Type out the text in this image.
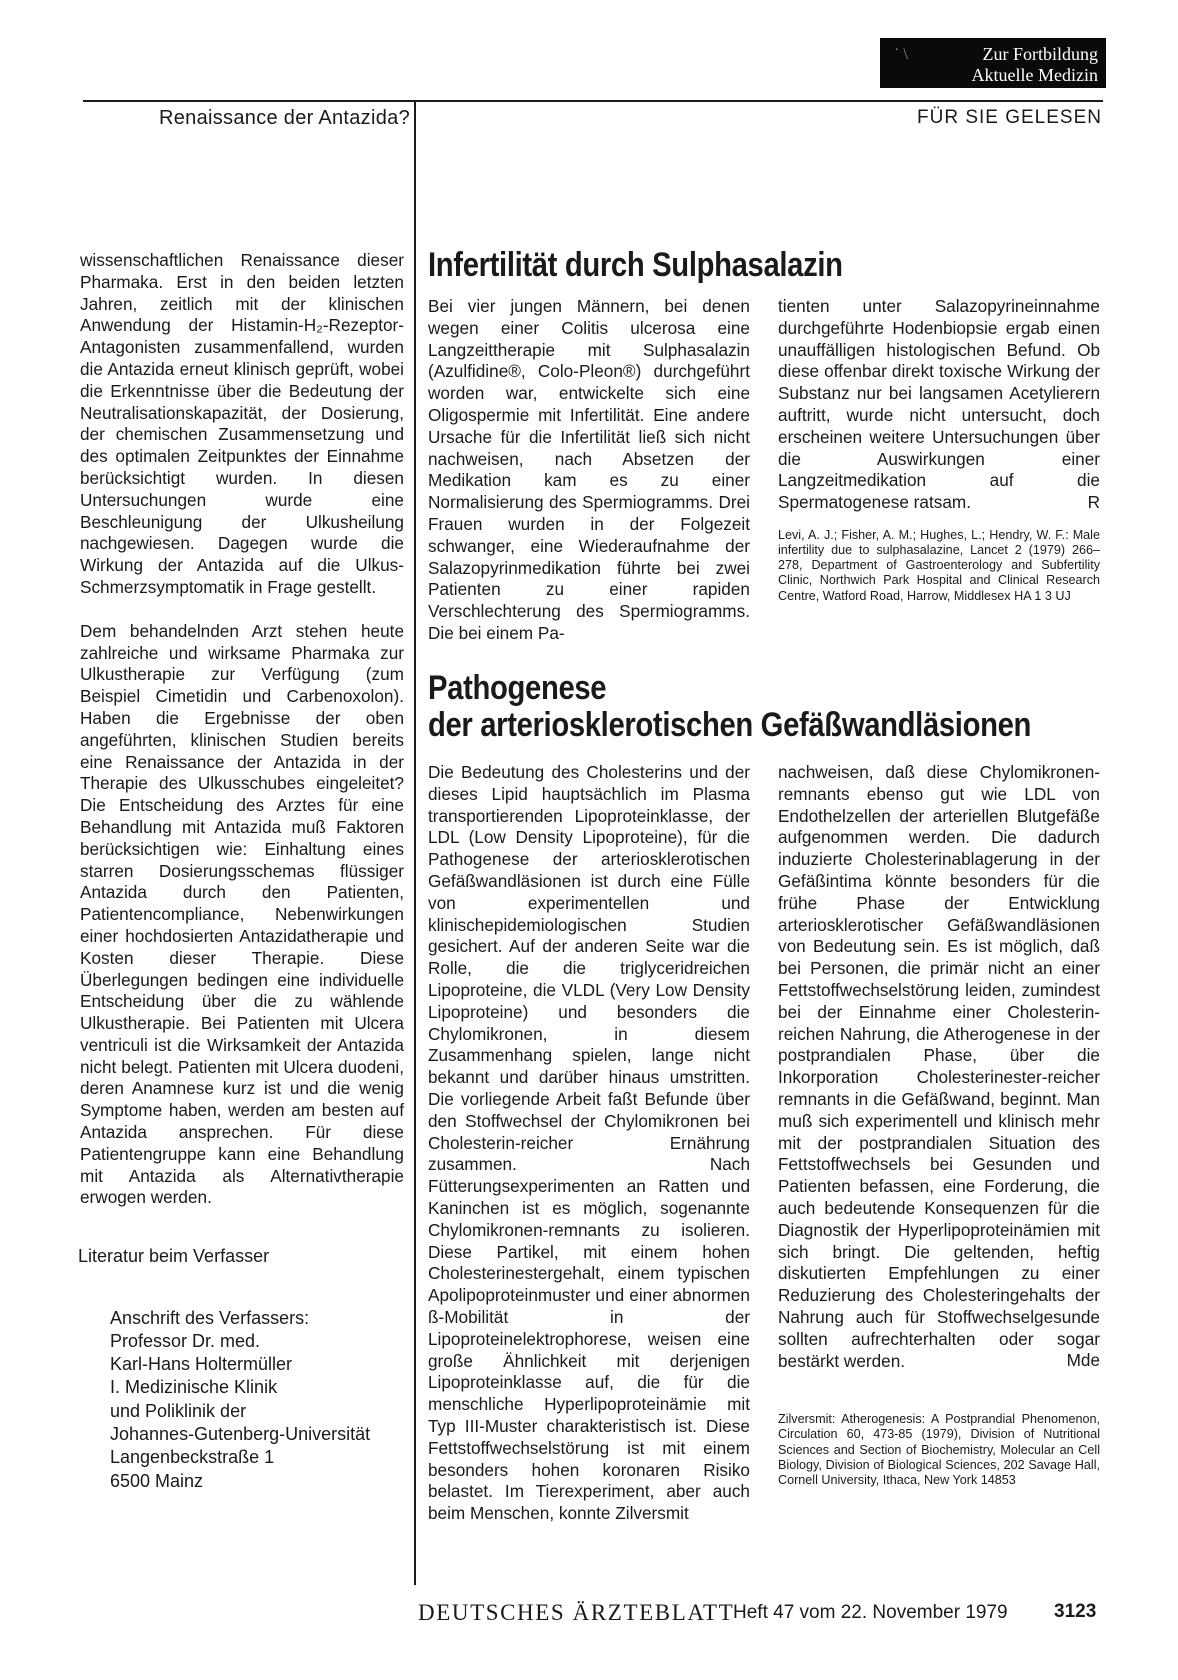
˙ \	Zur Fortbildung
Aktuelle Medizin
Renaissance der Antazida?	FÜR SIE GELESEN

wissenschaftlichen Renaissance dieser Pharmaka. Erst in den beiden letzten Jahren, zeitlich mit der klinischen Anwendung der Histamin-H₂-Rezeptor-Antagonisten zusammenfallend, wurden die Antazida erneut klinisch geprüft, wobei die Erkenntnisse über die Bedeutung der Neutralisationskapazität, der Dosierung, der chemischen Zusammensetzung und des optimalen Zeitpunktes der Einnahme berücksichtigt wurden. In diesen Untersuchungen wurde eine Beschleunigung der Ulkusheilung nachgewiesen. Dagegen wurde die Wirkung der Antazida auf die Ulkus-Schmerzsymptomatik in Frage gestellt.

Dem behandelnden Arzt stehen heute zahlreiche und wirksame Pharmaka zur Ulkustherapie zur Verfügung (zum Beispiel Cimetidin und Carbenoxolon). Haben die Ergebnisse der oben angeführten, klinischen Studien bereits eine Renaissance der Antazida in der Therapie des Ulkusschubes eingeleitet? Die Entscheidung des Arztes für eine Behandlung mit Antazida muß Faktoren berücksichtigen wie: Einhaltung eines starren Dosierungsschemas flüssiger Antazida durch den Patienten, Patientencompliance, Nebenwirkungen einer hochdosierten Antazidatherapie und Kosten dieser Therapie. Diese Überlegungen bedingen eine individuelle Entscheidung über die zu wählende Ulkustherapie. Bei Patienten mit Ulcera ventriculi ist die Wirksamkeit der Antazida nicht belegt. Patienten mit Ulcera duodeni, deren Anamnese kurz ist und die wenig Symptome haben, werden am besten auf Antazida ansprechen. Für diese Patientengruppe kann eine Behandlung mit Antazida als Alternativtherapie erwogen werden.

Literatur beim Verfasser
Anschrift des Verfassers:
Professor Dr. med.
Karl-Hans Holtermüller
I. Medizinische Klinik
und Poliklinik der
Johannes-Gutenberg-Universität
Langenbeckstraße 1
6500 Mainz
Infertilität durch Sulphasalazin
Bei vier jungen Männern, bei denen wegen einer Colitis ulcerosa eine Langzeittherapie mit Sulphasalazin (Azulfidine®, Colo-Pleon®) durchgeführt worden war, entwickelte sich eine Oligospermie mit Infertilität. Eine andere Ursache für die Infertilität ließ sich nicht nachweisen, nach Absetzen der Medikation kam es zu einer Normalisierung des Spermiogramms. Drei Frauen wurden in der Folgezeit schwanger, eine Wiederaufnahme der Salazopyrinmedikation führte bei zwei Patienten zu einer rapiden Verschlechterung des Spermiogramms. Die bei einem Pa-

tienten unter Salazopyrineinnahme durchgeführte Hodenbiopsie ergab einen unauffälligen histologischen Befund. Ob diese offenbar direkt toxische Wirkung der Substanz nur bei langsamen Acetylierern auftritt, wurde nicht untersucht, doch erscheinen weitere Untersuchungen über die Auswirkungen einer Langzeitmedikation auf die Spermatogenese ratsam.	R

Levi, A. J.; Fisher, A. M.; Hughes, L.; Hendry, W. F.: Male infertility due to sulphasalazine, Lancet 2 (1979) 266–278, Department of Gastroenterology and Subfertility Clinic, Northwich Park Hospital and Clinical Research Centre, Watford Road, Harrow, Middlesex HA 1 3 UJ

Pathogenese
der arteriosklerotischen Gefäßwandläsionen
Die Bedeutung des Cholesterins und der dieses Lipid hauptsächlich im Plasma transportierenden Lipoproteinklasse, der LDL (Low Density Lipoproteine), für die Pathogenese der arteriosklerotischen Gefäßwandläsionen ist durch eine Fülle von experimentellen und klinischepidemiologischen Studien gesichert. Auf der anderen Seite war die Rolle, die die triglyceridreichen Lipoproteine, die VLDL (Very Low Density Lipoproteine) und besonders die Chylomikronen, in diesem Zusammenhang spielen, lange nicht bekannt und darüber hinaus umstritten. Die vorliegende Arbeit faßt Befunde über den Stoffwechsel der Chylomikronen bei Cholesterin-reicher Ernährung zusammen. Nach Fütterungsexperimenten an Ratten und Kaninchen ist es möglich, sogenannte Chylomikronen-remnants zu isolieren. Diese Partikel, mit einem hohen Cholesterinestergehalt, einem typischen Apolipoproteinmuster und einer abnormen ß-Mobilität in der Lipoproteinelektrophorese, weisen eine große Ähnlichkeit mit derjenigen Lipoproteinklasse auf, die für die menschliche Hyperlipoproteinämie mit Typ III-Muster charakteristisch ist. Diese Fettstoffwechselstörung ist mit einem besonders hohen koronaren Risiko belastet. Im Tierexperiment, aber auch beim Menschen, konnte Zilversmit

nachweisen, daß diese Chylomikronen-remnants ebenso gut wie LDL von Endothelzellen der arteriellen Blutgefäße aufgenommen werden. Die dadurch induzierte Cholesterinablagerung in der Gefäßintima könnte besonders für die frühe Phase der Entwicklung arteriosklerotischer Gefäßwandläsionen von Bedeutung sein. Es ist möglich, daß bei Personen, die primär nicht an einer Fettstoffwechselstörung leiden, zumindest bei der Einnahme einer Cholesterin-reichen Nahrung, die Atherogenese in der postprandialen Phase, über die Inkorporation Cholesterinester-reicher remnants in die Gefäßwand, beginnt. Man muß sich experimentell und klinisch mehr mit der postprandialen Situation des Fettstoffwechsels bei Gesunden und Patienten befassen, eine Forderung, die auch bedeutende Konsequenzen für die Diagnostik der Hyperlipoproteinämien mit sich bringt. Die geltenden, heftig diskutierten Empfehlungen zu einer Reduzierung des Cholesteringehalts der Nahrung auch für Stoffwechselgesunde sollten aufrechterhalten oder sogar bestärkt werden.	Mde

Zilversmit: Atherogenesis: A Postprandial Phenomenon, Circulation 60, 473-85 (1979), Division of Nutritional Sciences and Section of Biochemistry, Molecular an Cell Biology, Division of Biological Sciences, 202 Savage Hall, Cornell University, Ithaca, New York 14853

DEUTSCHES ÄRZTEBLATT
Heft 47 vom 22. November 1979 3123
